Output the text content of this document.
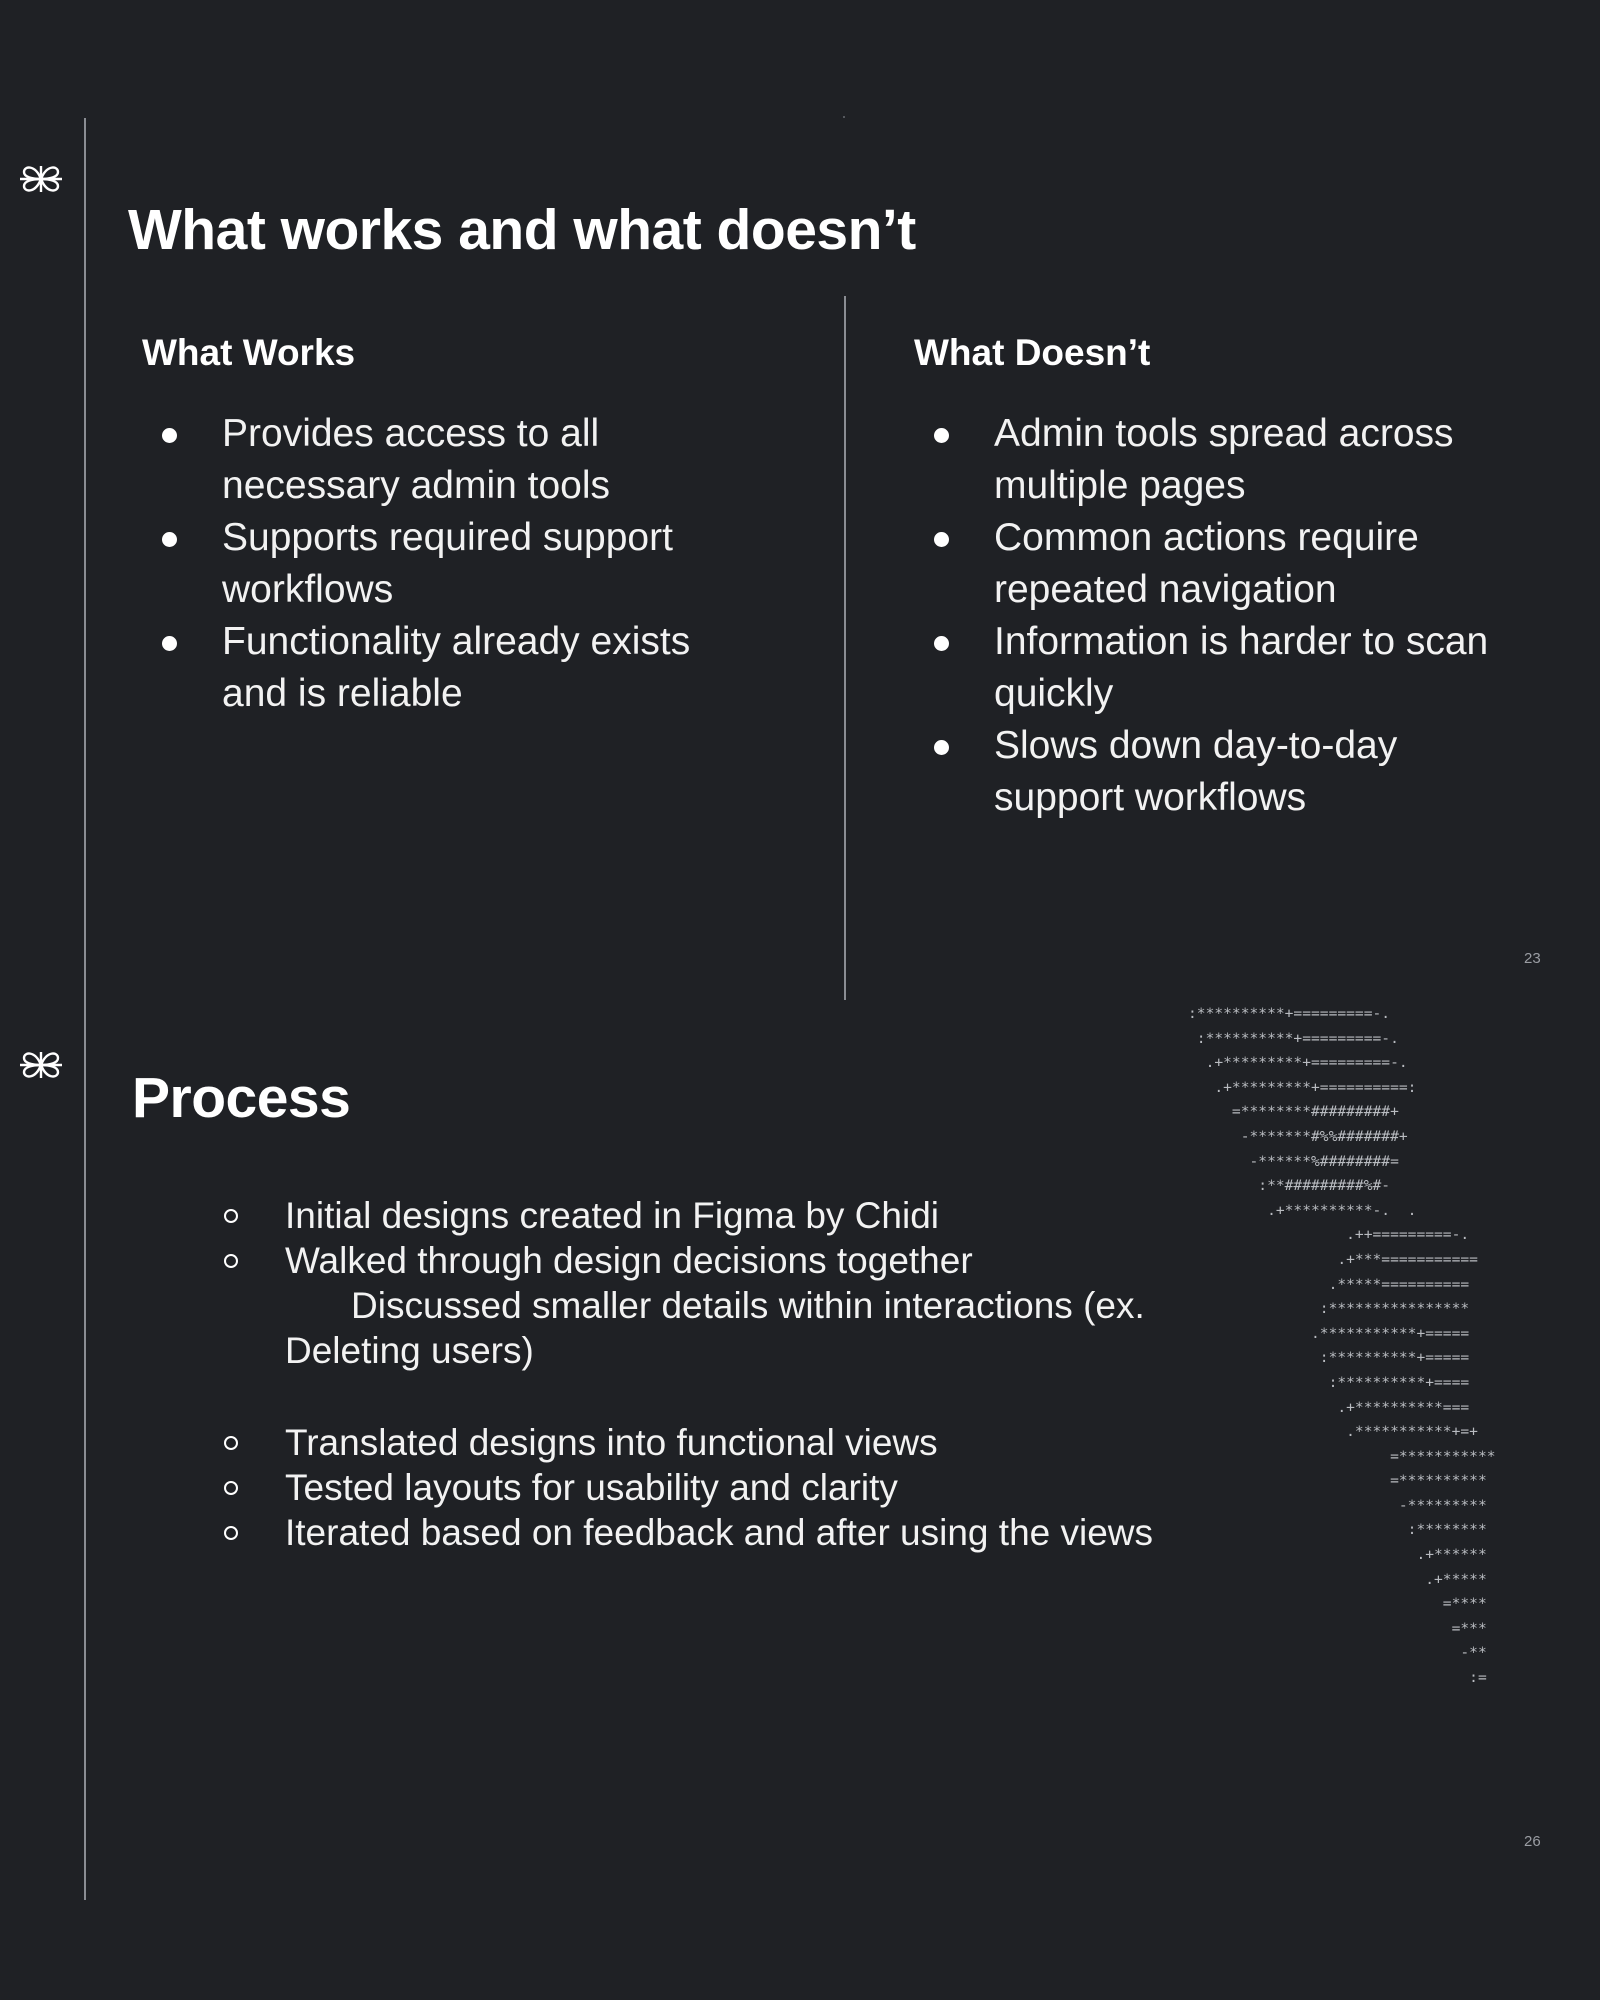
What works and what doesn’t
What Works
Provides access to all necessary admin tools
Supports required support workflows
Functionality already exists and is reliable
What Doesn’t
Admin tools spread across multiple pages
Common actions require repeated navigation
Information is harder to scan quickly
Slows down day-to-day support workflows
23
:**********+=========-.
:**********+=========-.
.+*********+=========-.
.+*********+==========:
=********#########+
-*******#%%#######+
-******%########=
:**#########%#-
.+**********-.  .
.++=========-.
.+***===========
.*****==========
:****************
.***********+=====
:**********+=====
:**********+====
.+**********===
.***********+=+
=***********
=**********
-*********
:********
.+******
.+*****
=****
=***
-**
:=
Process
Initial designs created in Figma by Chidi
Walked through design decisions together
Discussed smaller details within interactions (ex.
Deleting users)
Translated designs into functional views
Tested layouts for usability and clarity
Iterated based on feedback and after using the views
26
